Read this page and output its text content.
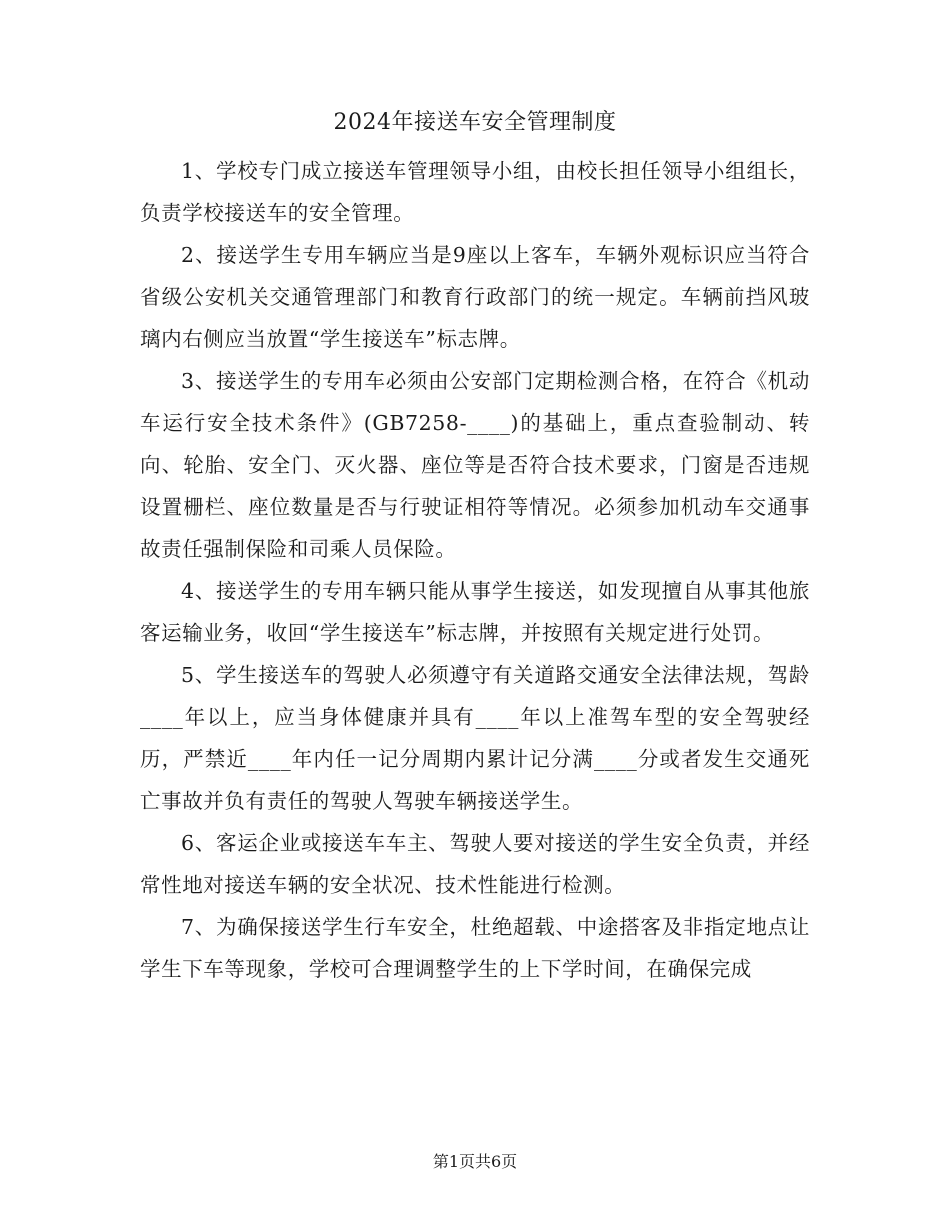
2024年接送车安全管理制度

1、学校专门成立接送车管理领导小组，由校长担任领导小组组长，负责学校接送车的安全管理。

2、接送学生专用车辆应当是9座以上客车，车辆外观标识应当符合省级公安机关交通管理部门和教育行政部门的统一规定。车辆前挡风玻璃内右侧应当放置“学生接送车”标志牌。

3、接送学生的专用车必须由公安部门定期检测合格，在符合《机动车运行安全技术条件》(GB7258-____)的基础上，重点查验制动、转向、轮胎、安全门、灭火器、座位等是否符合技术要求，门窗是否违规设置栅栏、座位数量是否与行驶证相符等情况。必须参加机动车交通事故责任强制保险和司乘人员保险。

4、接送学生的专用车辆只能从事学生接送，如发现擅自从事其他旅客运输业务，收回“学生接送车”标志牌，并按照有关规定进行处罚。

5、学生接送车的驾驶人必须遵守有关道路交通安全法律法规，驾龄____年以上，应当身体健康并具有____年以上准驾车型的安全驾驶经历，严禁近____年内任一记分周期内累计记分满____分或者发生交通死亡事故并负有责任的驾驶人驾驶车辆接送学生。

6、客运企业或接送车车主、驾驶人要对接送的学生安全负责，并经常性地对接送车辆的安全状况、技术性能进行检测。

7、为确保接送学生行车安全，杜绝超载、中途搭客及非指定地点让学生下车等现象，学校可合理调整学生的上下学时间，在确保完成

第1页共6页
